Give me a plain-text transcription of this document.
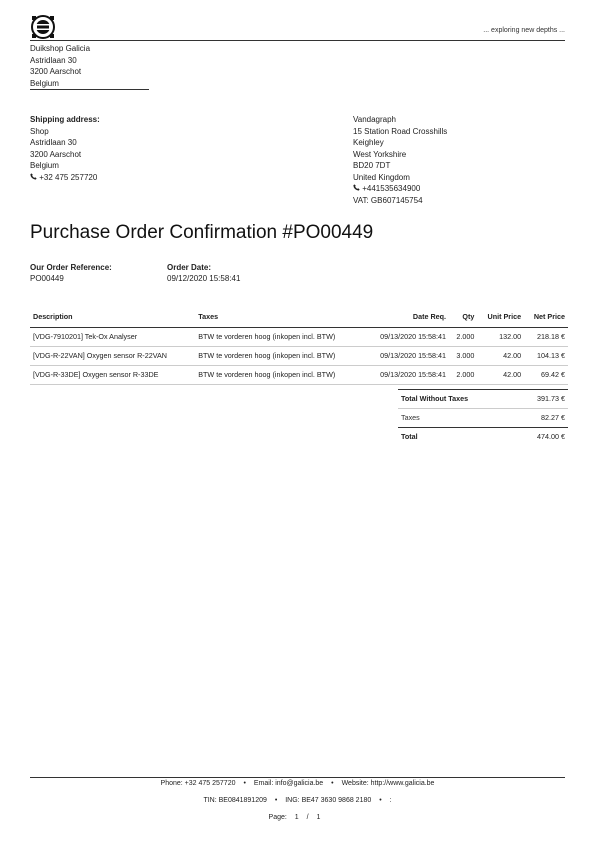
... exploring new depths ...
Duikshop Galicia
Astridlaan 30
3200 Aarschot
Belgium
Shipping address:
Shop
Astridlaan 30
3200 Aarschot
Belgium
+32 475 257720
Vandagraph
15 Station Road Crosshills
Keighley
West Yorkshire
BD20 7DT
United Kingdom
+441535634900
VAT: GB607145754
Purchase Order Confirmation #PO00449
Our Order Reference:
PO00449
Order Date:
09/12/2020 15:58:41
Description	Taxes	Date Req.	Qty	Unit Price	Net Price
[VDG-7910201] Tek-Ox Analyser	BTW te vorderen hoog (inkopen incl. BTW)	09/13/2020 15:58:41	2.000	132.00	218.18 €
[VDG-R-22VAN] Oxygen sensor R-22VAN	BTW te vorderen hoog (inkopen incl. BTW)	09/13/2020 15:58:41	3.000	42.00	104.13 €
[VDG-R-33DE] Oxygen sensor R-33DE	BTW te vorderen hoog (inkopen incl. BTW)	09/13/2020 15:58:41	2.000	42.00	69.42 €
Total Without Taxes	391.73 €
Taxes	82.27 €
Total	474.00 €
Phone: +32 475 257720 • Email: info@galicia.be • Website: http://www.galicia.be
TIN: BE0841891209 • ING: BE47 3630 9868 2180 • :
Page: 1 / 1
